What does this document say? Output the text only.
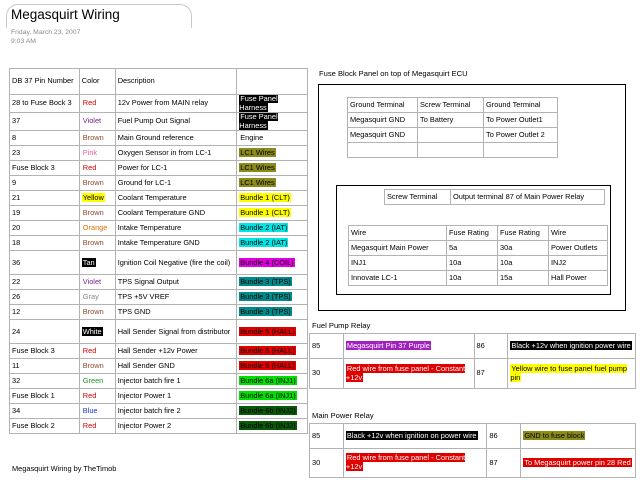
Megasquirt Wiring
Friday, March 23, 2007
9:03 AM
DB 37 Pin Number	Color	Description	
28 to Fuse Bock 3	Red	12v Power from MAIN relay	Fuse Panel Harness
37	Violet	Fuel Pump Out Signal	Fuse Panel Harness
8	Brown	Main Ground reference	Engine
23	Pink	Oxygen Sensor in from LC-1	LC1 Wires
Fuse Block 3	Red	Power for LC-1	LC1 Wires
9	Brown	Ground for LC-1	LC1 Wires
21	Yellow	Coolant Temperature	Bundle 1 (CLT)
19	Brown	Coolant Temperature GND	Bundle 1 (CLT)
20	Orange	Intake Temperature	Bundle 2 (IAT)
18	Brown	Intake Temperature GND	Bundle 2 (IAT)
36	Tan	Ignition Coil Negative (fire the coil)	Bundle 4 (COIL)
22	Violet	TPS Signal Output	Bundle 3 (TPS)
26	Gray	TPS +5V VREF	Bundle 3 (TPS)
12	Brown	TPS GND	Bundle 3 (TPS)
24	White	Hall Sender Signal from distributor	Bundle 5 (HALL)
Fuse Block 3	Red	Hall Sender +12v Power	Bundle 5 (HALL)
11	Brown	Hall Sender GND	Bundle 5 (HALL)
32	Green	Injector batch fire 1	Bundle 6a (INJ1)
Fuse Block 1	Red	Injector Power 1	Bundle 6a (INJ1)
34	Blue	Injector batch fire 2	Bundle 6b (INJ2)
Fuse Block 2	Red	Injector Power 2	Bundle 6b (INJ2)
Megasquirt Wiring by TheTimob
Fuse Block Panel on top of Megasquirt ECU
Ground Terminal	Screw Terminal	Ground Terminal
Megasquirt GND	To Battery	To Power Outlet1
Megasquirt GND		To Power Outlet 2

Screw Terminal	Output terminal 87 of Main Power Relay
Wire	Fuse Rating	Fuse Rating	Wire
Megasquirt Main Power	5a	30a	Power Outlets
INJ1	10a	10a	INJ2
Innovate LC-1	10a	15a	Hall Power
Fuel Pump Relay
85	Megasquirt Pin 37 Purple	86	Black +12v when ignition power wire
30	Red wire from fuse panel - Constant +12v	87	Yellow wire to fuse panel fuel pump pin
Main Power Relay
85	Black +12v when ignition on power wire	86	GND to fuse block
30	Red wire from fuse panel - Constant +12v	87	To Megasquirt power pin 28 Red
